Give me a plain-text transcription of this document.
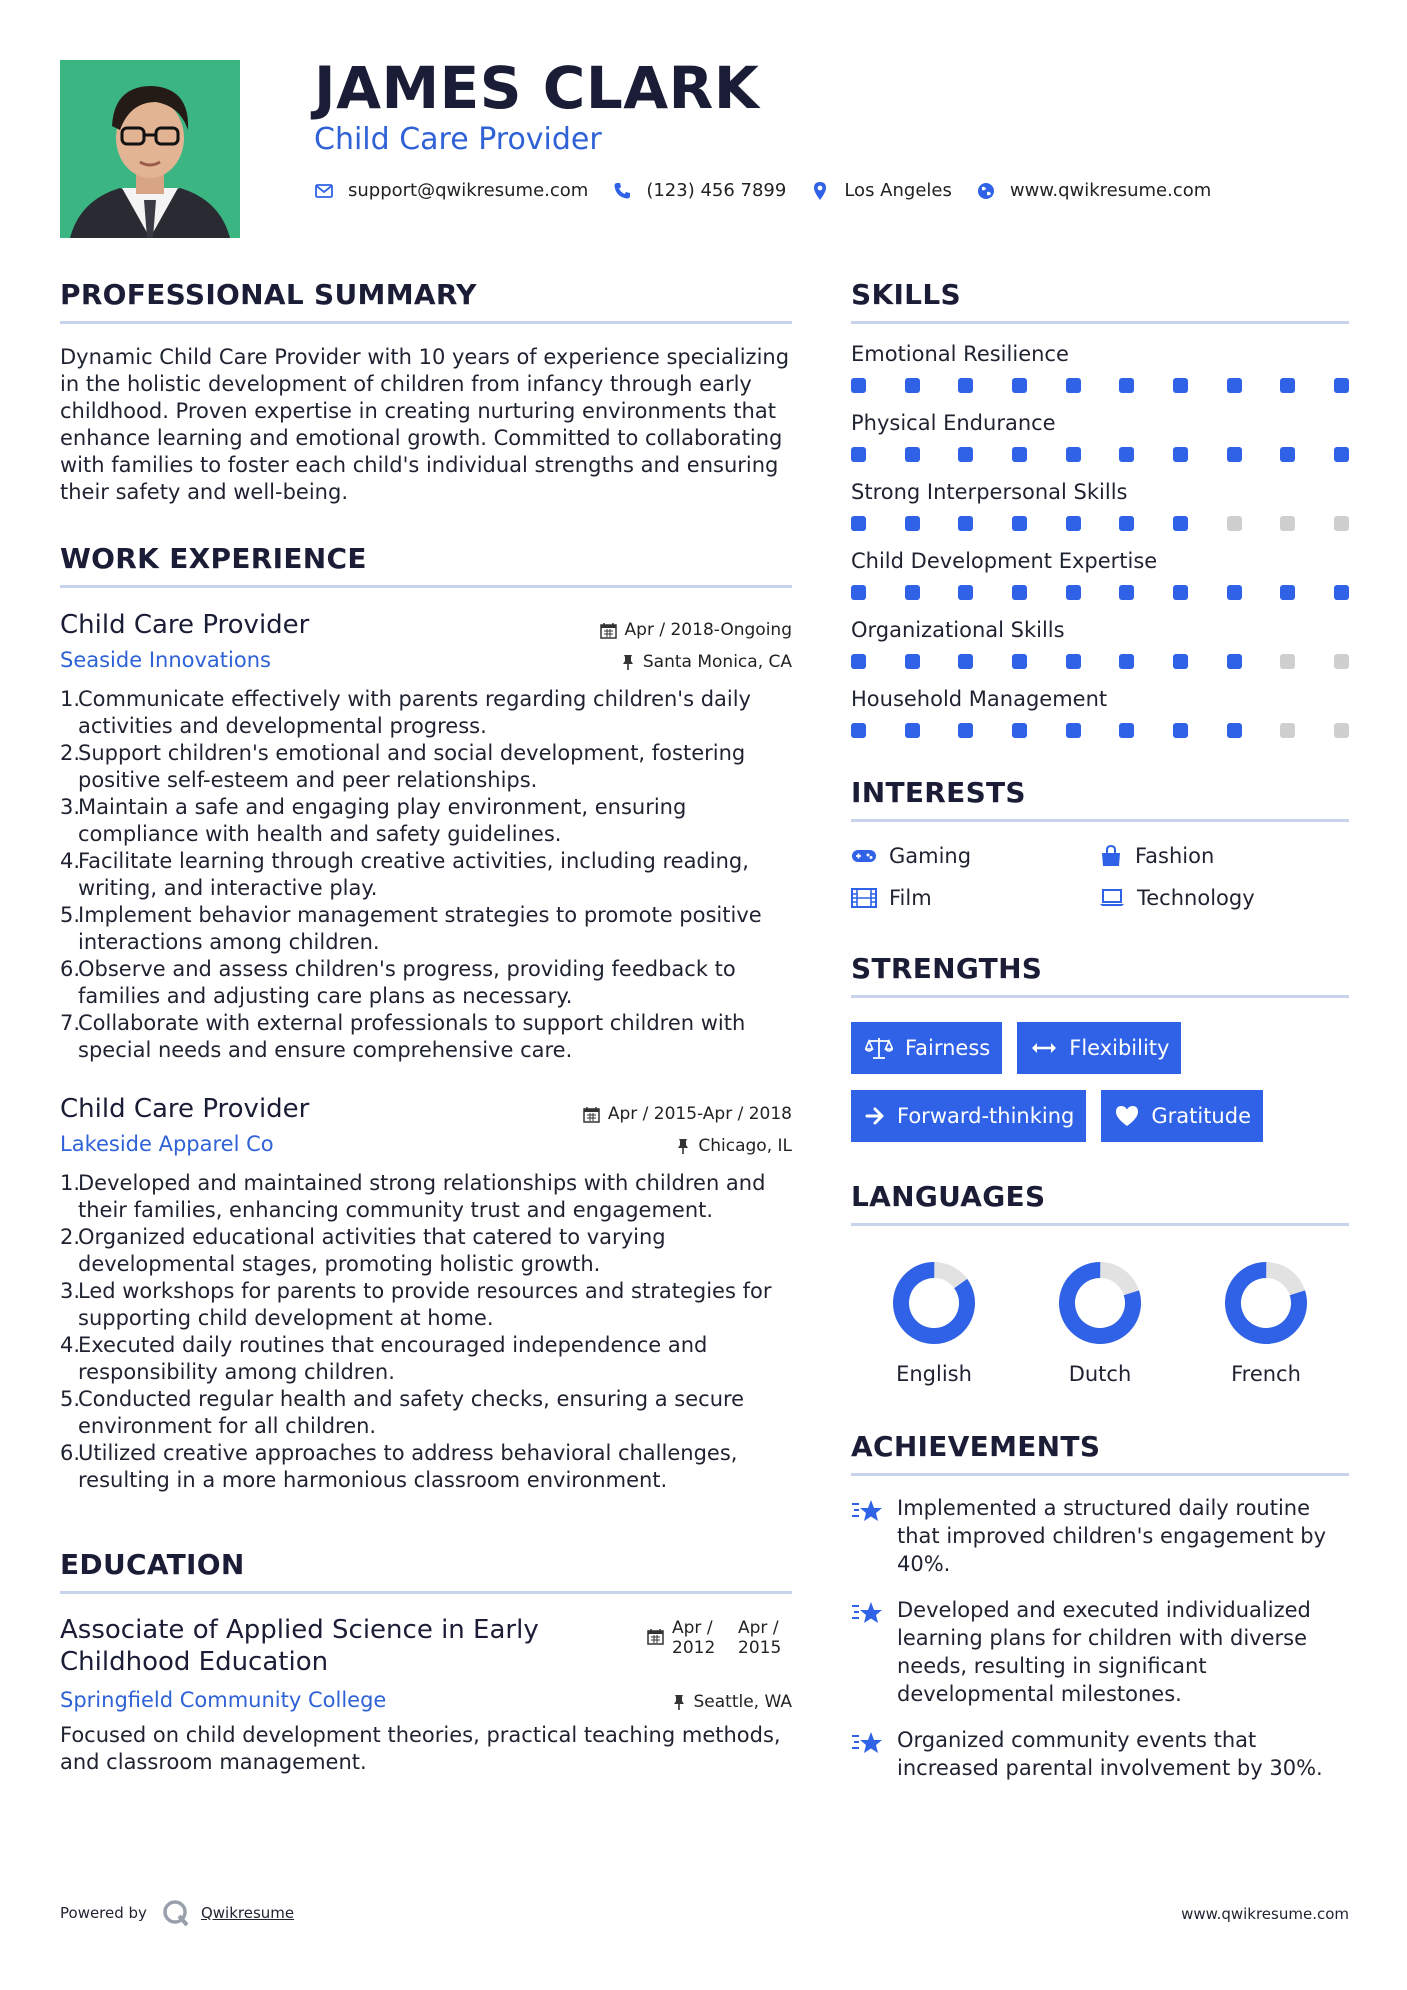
JAMES CLARK
Child Care Provider
support@qwikresume.com	(123) 456 7899	Los Angeles	www.qwikresume.com
PROFESSIONAL SUMMARY

Dynamic Child Care Provider with 10 years of experience specializing in the holistic development of children from infancy through early childhood. Proven expertise in creating nurturing environments that enhance learning and emotional growth. Committed to collaborating with families to foster each child's individual strengths and ensuring their safety and well-being.

WORK EXPERIENCE
Child Care Provider	Apr / 2018-Ongoing
Seaside Innovations	Santa Monica, CA
1.
Communicate effectively with parents regarding children's daily activities and developmental progress.
2.
Support children's emotional and social development, fostering positive self-esteem and peer relationships.
3.
Maintain a safe and engaging play environment, ensuring compliance with health and safety guidelines.
4.
Facilitate learning through creative activities, including reading, writing, and interactive play.
5.
Implement behavior management strategies to promote positive interactions among children.
6.
Observe and assess children's progress, providing feedback to families and adjusting care plans as necessary.
7.
Collaborate with external professionals to support children with special needs and ensure comprehensive care.
Child Care Provider	Apr / 2015-Apr / 2018
Lakeside Apparel Co	Chicago, IL
1.
Developed and maintained strong relationships with children and their families, enhancing community trust and engagement.
2.
Organized educational activities that catered to varying developmental stages, promoting holistic growth.
3.
Led workshops for parents to provide resources and strategies for supporting child development at home.
4.
Executed daily routines that encouraged independence and responsibility among children.
5.
Conducted regular health and safety checks, ensuring a secure environment for all children.
6.
Utilized creative approaches to address behavioral challenges, resulting in a more harmonious classroom environment.
EDUCATION
Associate of Applied Science in Early Childhood Education
Apr / 2012
Apr / 2015
Springfield Community College	Seattle, WA

Focused on child development theories, practical teaching methods, and classroom management.

SKILLS
Emotional Resilience
Physical Endurance
Strong Interpersonal Skills
Child Development Expertise
Organizational Skills
Household Management
INTERESTS
Gaming	Fashion
Film	Technology
STRENGTHS
Fairness	Flexibility
Forward-thinking	Gratitude
LANGUAGES
English	Dutch	French
ACHIEVEMENTS
Implemented a structured daily routine that improved children's engagement by 40%.
Developed and executed individualized learning plans for children with diverse needs, resulting in significant developmental milestones.
Organized community events that increased parental involvement by 30%.
Powered by	Qwikresume	www.qwikresume.com
